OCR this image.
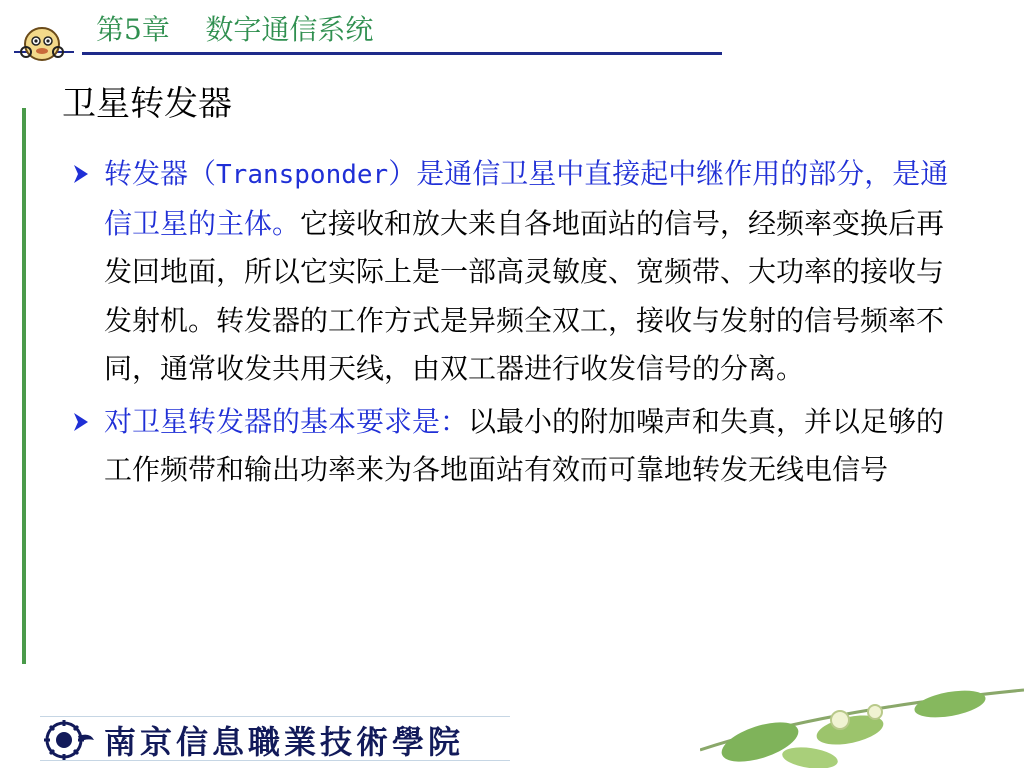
第5章    数字通信系统
卫星转发器

转发器（Transponder）是通信卫星中直接起中继作用的部分，是通信卫星的主体。它接收和放大来自各地面站的信号，经频率变换后再发回地面，所以它实际上是一部高灵敏度、宽频带、大功率的接收与发射机。转发器的工作方式是异频全双工，接收与发射的信号频率不同，通常收发共用天线，由双工器进行收发信号的分离。

对卫星转发器的基本要求是：以最小的附加噪声和失真，并以足够的工作频带和输出功率来为各地面站有效而可靠地转发无线电信号

南京信息職業技術學院
